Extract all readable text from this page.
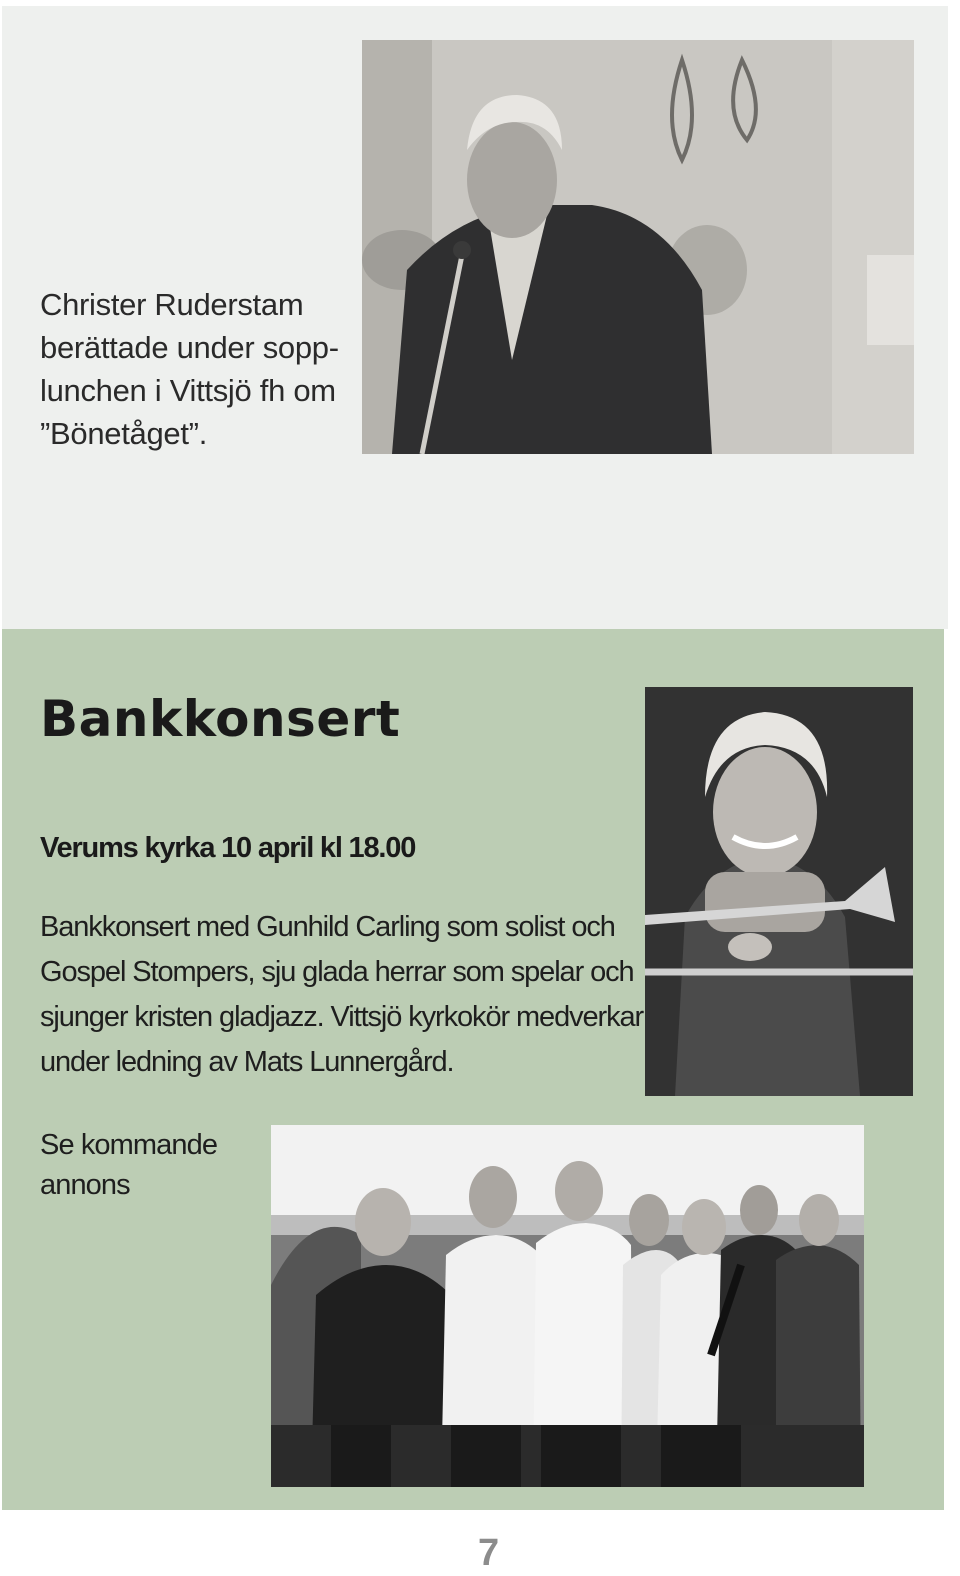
Christer Ruderstam
berättade under sopp-
lunchen i Vittsjö fh om
”Bönetåget”.
Bankkonsert
Verums kyrka 10 april kl 18.00
Bankkonsert med Gunhild Carling som solist och
Gospel Stompers, sju glada herrar som spelar och
sjunger kristen gladjazz. Vittsjö kyrkokör medverkar
under ledning av Mats Lunnergård.
Se kommande
annons
7
